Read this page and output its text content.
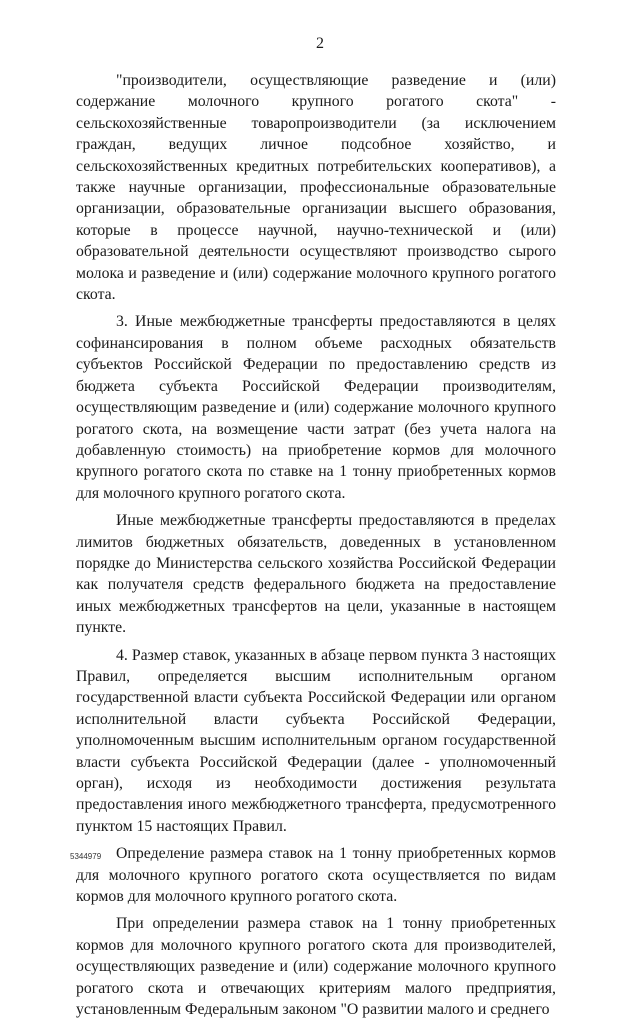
2

"производители, осуществляющие разведение и (или) содержание молочного крупного рогатого скота" - сельскохозяйственные товаропроизводители (за исключением граждан, ведущих личное подсобное хозяйство, и сельскохозяйственных кредитных потребительских кооперативов), а также научные организации, профессиональные образовательные организации, образовательные организации высшего образования, которые в процессе научной, научно-технической и (или) образовательной деятельности осуществляют производство сырого молока и разведение и (или) содержание молочного крупного рогатого скота.

3. Иные межбюджетные трансферты предоставляются в целях софинансирования в полном объеме расходных обязательств субъектов Российской Федерации по предоставлению средств из бюджета субъекта Российской Федерации производителям, осуществляющим разведение и (или) содержание молочного крупного рогатого скота, на возмещение части затрат (без учета налога на добавленную стоимость) на приобретение кормов для молочного крупного рогатого скота по ставке на 1 тонну приобретенных кормов для молочного крупного рогатого скота.

Иные межбюджетные трансферты предоставляются в пределах лимитов бюджетных обязательств, доведенных в установленном порядке до Министерства сельского хозяйства Российской Федерации как получателя средств федерального бюджета на предоставление иных межбюджетных трансфертов на цели, указанные в настоящем пункте.

4. Размер ставок, указанных в абзаце первом пункта 3 настоящих Правил, определяется высшим исполнительным органом государственной власти субъекта Российской Федерации или органом исполнительной власти субъекта Российской Федерации, уполномоченным высшим исполнительным органом государственной власти субъекта Российской Федерации (далее - уполномоченный орган), исходя из необходимости достижения результата предоставления иного межбюджетного трансферта, предусмотренного пунктом 15 настоящих Правил.

Определение размера ставок на 1 тонну приобретенных кормов для молочного крупного рогатого скота осуществляется по видам кормов для молочного крупного рогатого скота.

При определении размера ставок на 1 тонну приобретенных кормов для молочного крупного рогатого скота для производителей, осуществляющих разведение и (или) содержание молочного крупного рогатого скота и отвечающих критериям малого предприятия, установленным Федеральным законом "О развитии малого и среднего

5344979
